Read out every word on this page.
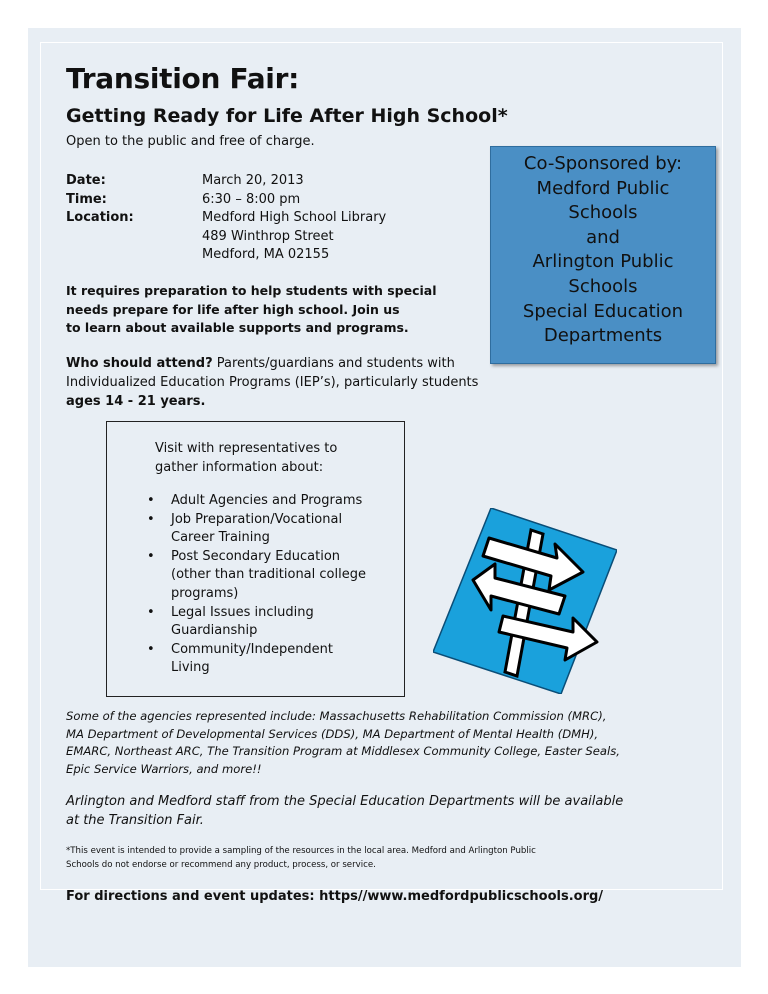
Transition Fair:
Getting Ready for Life After High School*
Open to the public and free of charge.
Date:	March 20, 2013
Time:	6:30 – 8:00 pm
Location:	Medford High School Library
489 Winthrop Street
Medford, MA 02155
It requires preparation to help students with special
needs prepare for life after high school. Join us
to learn about available supports and programs.
Who should attend? Parents/guardians and students with
Individualized Education Programs (IEP’s), particularly students
ages 14 - 21 years.
Co-Sponsored by:
Medford Public
Schools
and
Arlington Public
Schools
Special Education
Departments
Visit with representatives to
gather information about:
• Adult Agencies and Programs
• Job Preparation/Vocational
Career Training
• Post Secondary Education
(other than traditional college
programs)
• Legal Issues including
Guardianship
• Community/Independent
Living
Some of the agencies represented include: Massachusetts Rehabilitation Commission (MRC),
MA Department of Developmental Services (DDS), MA Department of Mental Health (DMH),
EMARC, Northeast ARC, The Transition Program at Middlesex Community College, Easter Seals,
Epic Service Warriors, and more!!
Arlington and Medford staff from the Special Education Departments will be available
at the Transition Fair.
*This event is intended to provide a sampling of the resources in the local area. Medford and Arlington Public
Schools do not endorse or recommend any product, process, or service.
For directions and event updates: https//www.medfordpublicschools.org/
